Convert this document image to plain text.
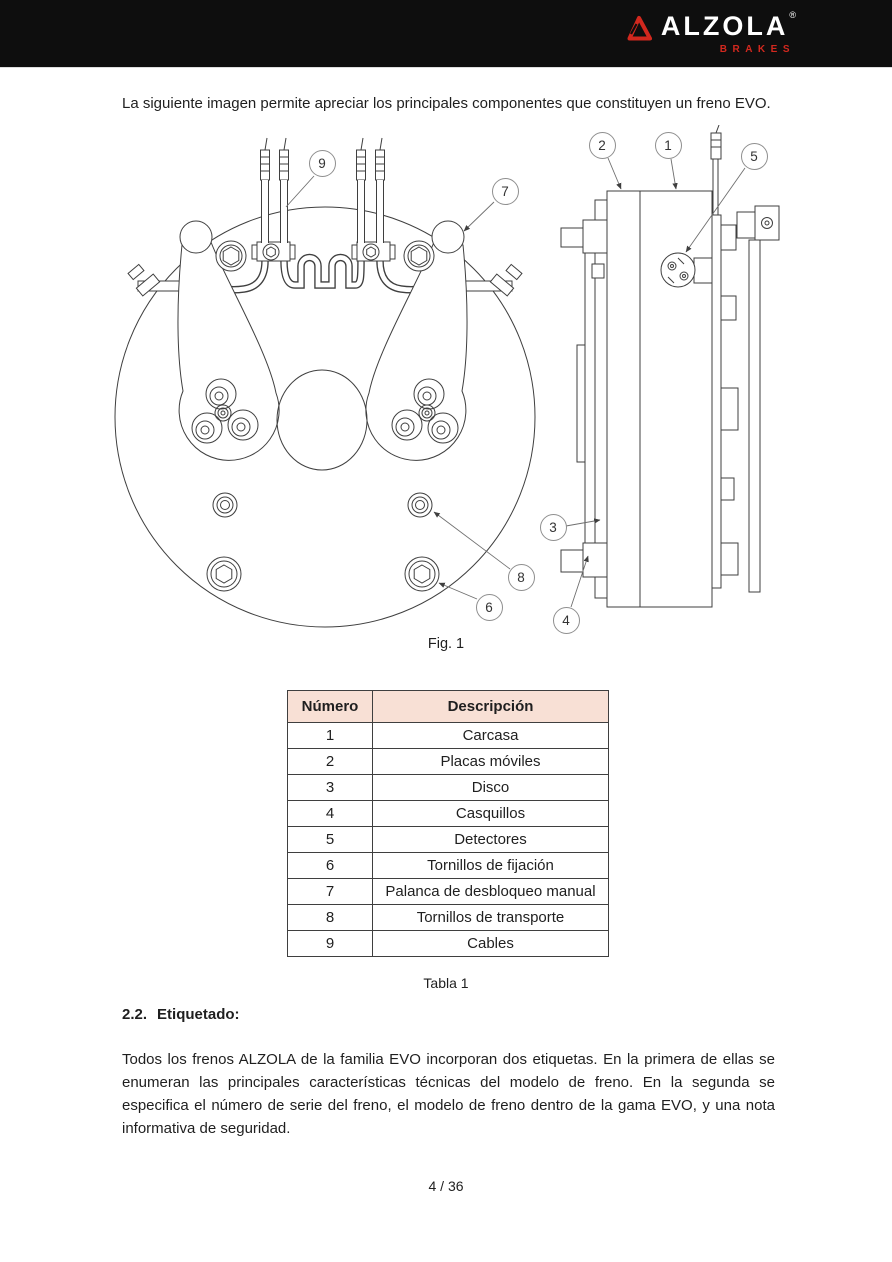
ALZOLA ®
BRAKES
La siguiente imagen permite apreciar los principales componentes que constituyen un freno EVO.
9
7
8
6
2	1
5
3
4
Fig. 1
Número	Descripción
1	Carcasa
2	Placas móviles
3	Disco
4	Casquillos
5	Detectores
6	Tornillos de fijación
7	Palanca de desbloqueo manual
8	Tornillos de transporte
9	Cables
Tabla 1
2.2. Etiquetado:
Todos los frenos ALZOLA de la familia EVO incorporan dos etiquetas. En la primera de ellas se enumeran las principales características técnicas del modelo de freno. En la segunda se especifica el número de serie del freno, el modelo de freno dentro de la gama EVO, y una nota informativa de seguridad.
4 / 36
